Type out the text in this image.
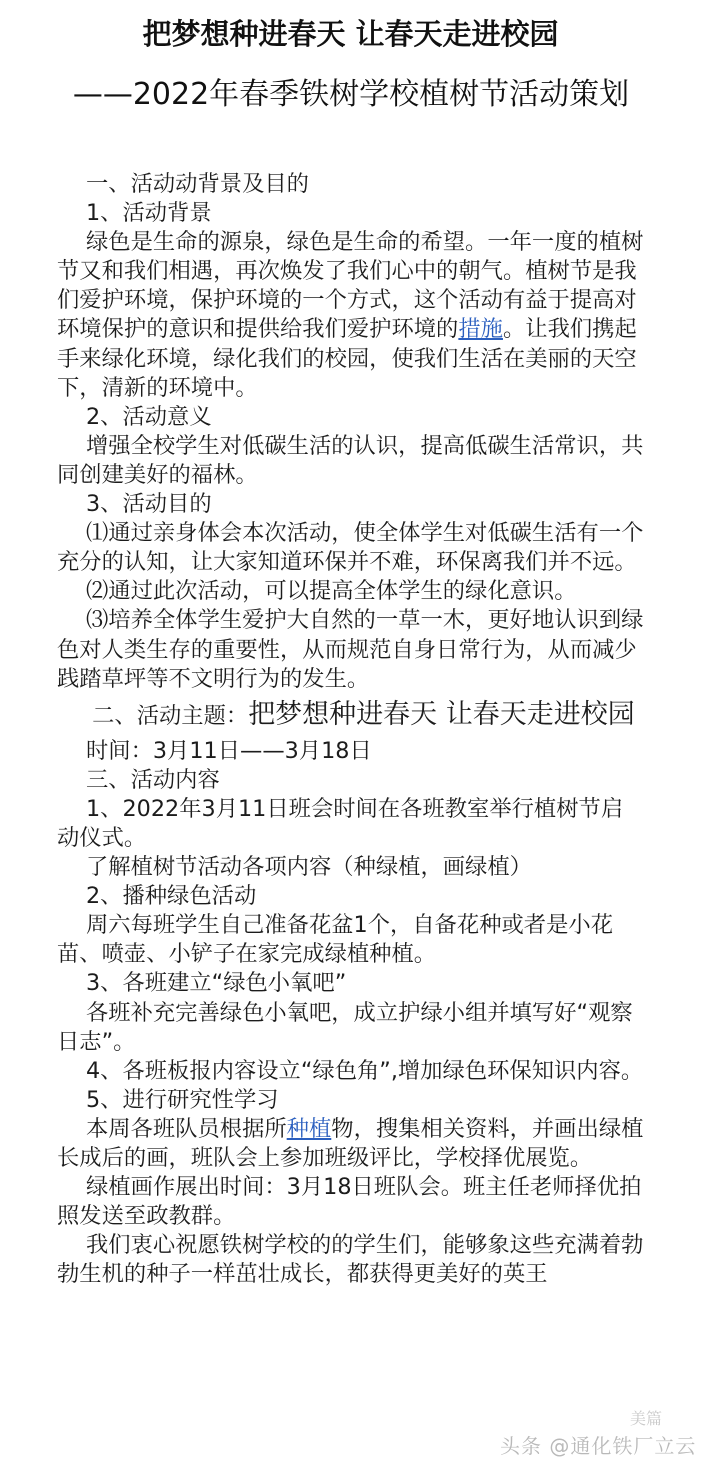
把梦想种进春天 让春天走进校园
——2022年春季铁树学校植树节活动策划

一、活动动背景及目的

1、活动背景

绿色是生命的源泉，绿色是生命的希望。一年一度的植树节又和我们相遇，再次焕发了我们心中的朝气。植树节是我们爱护环境，保护环境的一个方式，这个活动有益于提高对环境保护的意识和提供给我们爱护环境的措施。让我们携起手来绿化环境，绿化我们的校园，使我们生活在美丽的天空下，清新的环境中。

2、活动意义

增强全校学生对低碳生活的认识，提高低碳生活常识，共同创建美好的福林。

3、活动目的

⑴通过亲身体会本次活动，使全体学生对低碳生活有一个充分的认知，让大家知道环保并不难，环保离我们并不远。

⑵通过此次活动，可以提高全体学生的绿化意识。

⑶培养全体学生爱护大自然的一草一木，更好地认识到绿色对人类生存的重要性，从而规范自身日常行为，从而减少践踏草坪等不文明行为的发生。

二、活动主题：把梦想种进春天 让春天走进校园

时间：3月11日——3月18日

三、活动内容

1、2022年3月11日班会时间在各班教室举行植树节启动仪式。

了解植树节活动各项内容（种绿植，画绿植）

2、播种绿色活动

周六每班学生自己准备花盆1个，自备花种或者是小花苗、喷壶、小铲子在家完成绿植种植。

3、各班建立“绿色小氧吧”

各班补充完善绿色小氧吧，成立护绿小组并填写好“观察日志”。

4、各班板报内容设立“绿色角”,增加绿色环保知识内容。

5、进行研究性学习

本周各班队员根据所种植物，搜集相关资料，并画出绿植长成后的画，班队会上参加班级评比，学校择优展览。

绿植画作展出时间：3月18日班队会。班主任老师择优拍照发送至政教群。

我们衷心祝愿铁树学校的的学生们，能够象这些充满着勃勃生机的种子一样茁壮成长，都获得更美好的英王

美篇
头条 @通化铁厂立云
